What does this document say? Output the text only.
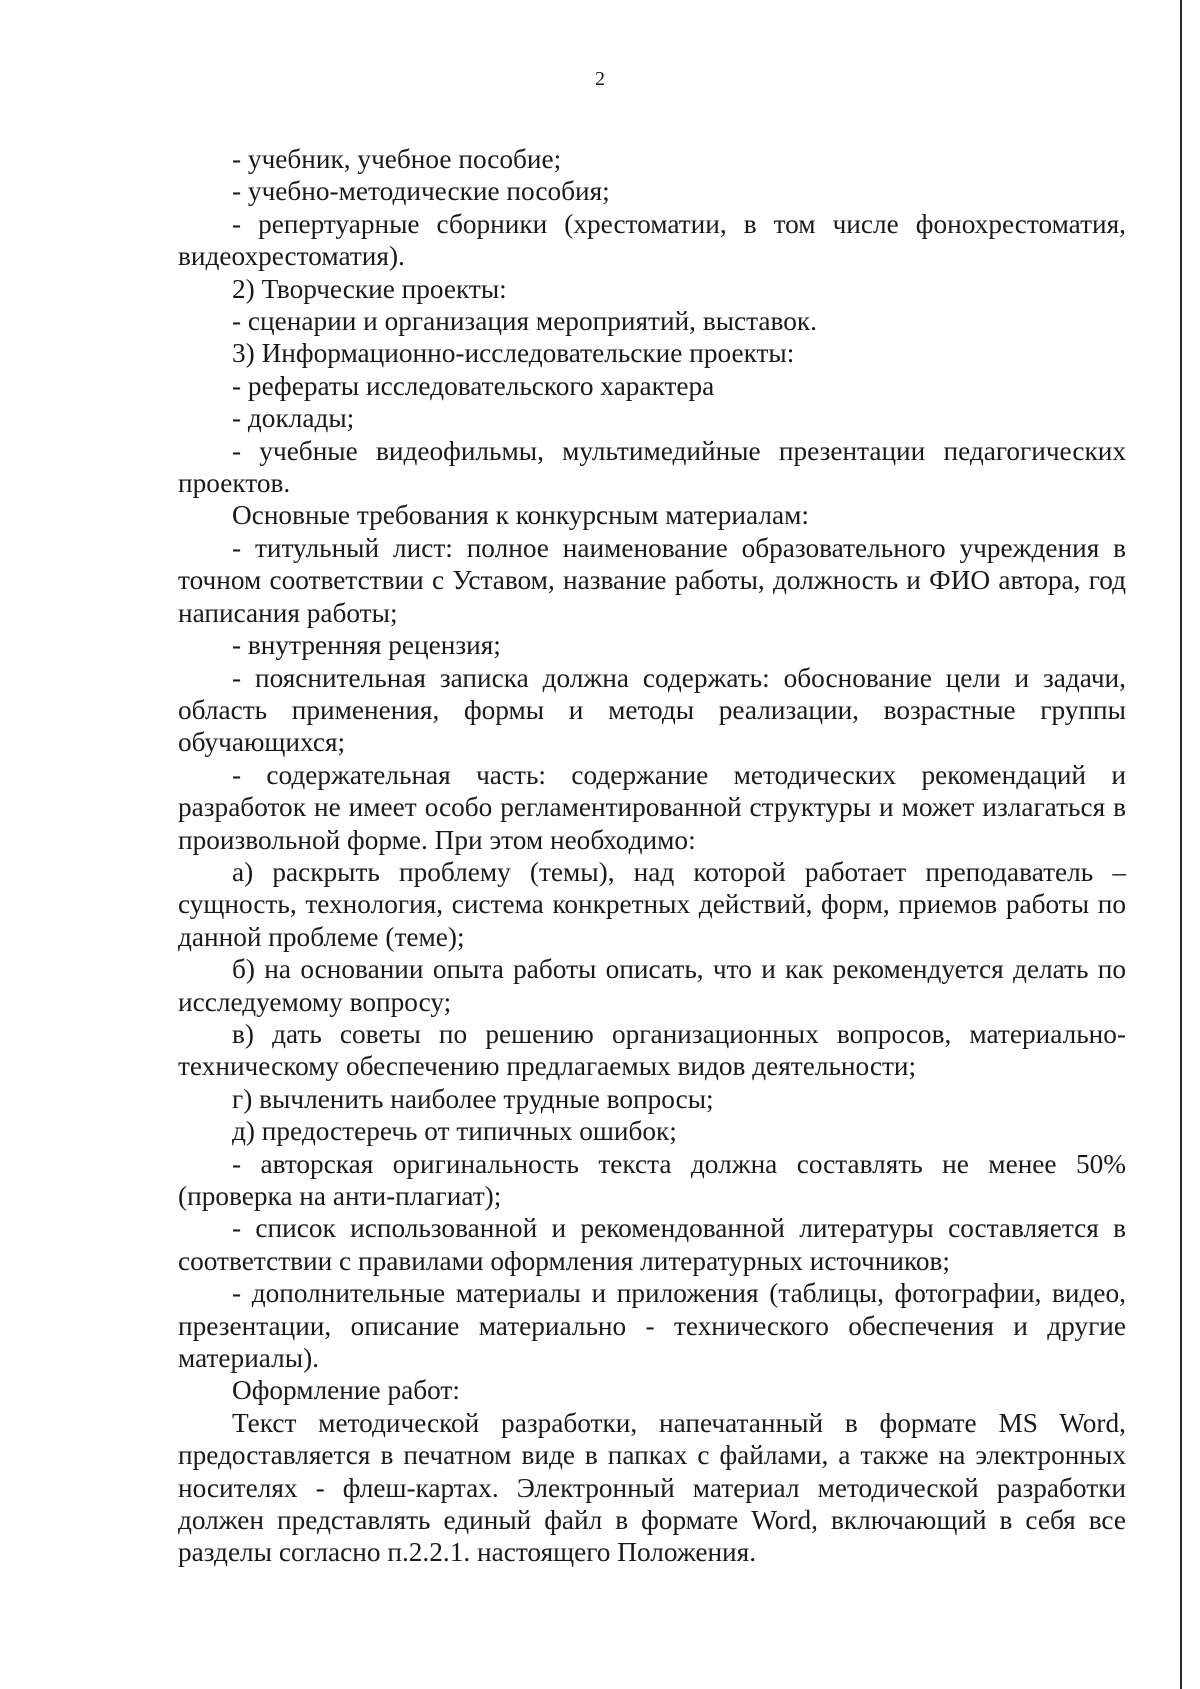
2

- учебник, учебное пособие;

- учебно-методические пособия;

- репертуарные сборники (хрестоматии, в том числе фонохрестоматия, видеохрестоматия).

2) Творческие проекты:

- сценарии и организация мероприятий, выставок.

3) Информационно-исследовательские проекты:

- рефераты исследовательского характера

- доклады;

- учебные видеофильмы, мультимедийные презентации педагогических проектов.

Основные требования к конкурсным материалам:

- титульный лист: полное наименование образовательного учреждения в точном соответствии с Уставом, название работы, должность и ФИО автора, год написания работы;

- внутренняя рецензия;

- пояснительная записка должна содержать: обоснование цели и задачи, область применения, формы и методы реализации, возрастные группы обучающихся;

- содержательная часть: содержание методических рекомендаций и разработок не имеет особо регламентированной структуры и может излагаться в произвольной форме. При этом необходимо:

а) раскрыть проблему (темы), над которой работает преподаватель – сущность, технология, система конкретных действий, форм, приемов работы по данной проблеме (теме);

б) на основании опыта работы описать, что и как рекомендуется делать по исследуемому вопросу;

в) дать советы по решению организационных вопросов, материально-техническому обеспечению предлагаемых видов деятельности;

г) вычленить наиболее трудные вопросы;

д) предостеречь от типичных ошибок;

- авторская оригинальность текста должна составлять не менее 50% (проверка на анти-плагиат);

- список использованной и рекомендованной литературы составляется в соответствии с правилами оформления литературных источников;

- дополнительные материалы и приложения (таблицы, фотографии, видео, презентации, описание материально - технического обеспечения и другие материалы).

Оформление работ:

Текст методической разработки, напечатанный в формате MS Word, предоставляется в печатном виде в папках с файлами, а также на электронных носителях - флеш-картах. Электронный материал методической разработки должен представлять единый файл в формате Word, включающий в себя все разделы согласно п.2.2.1. настоящего Положения.
